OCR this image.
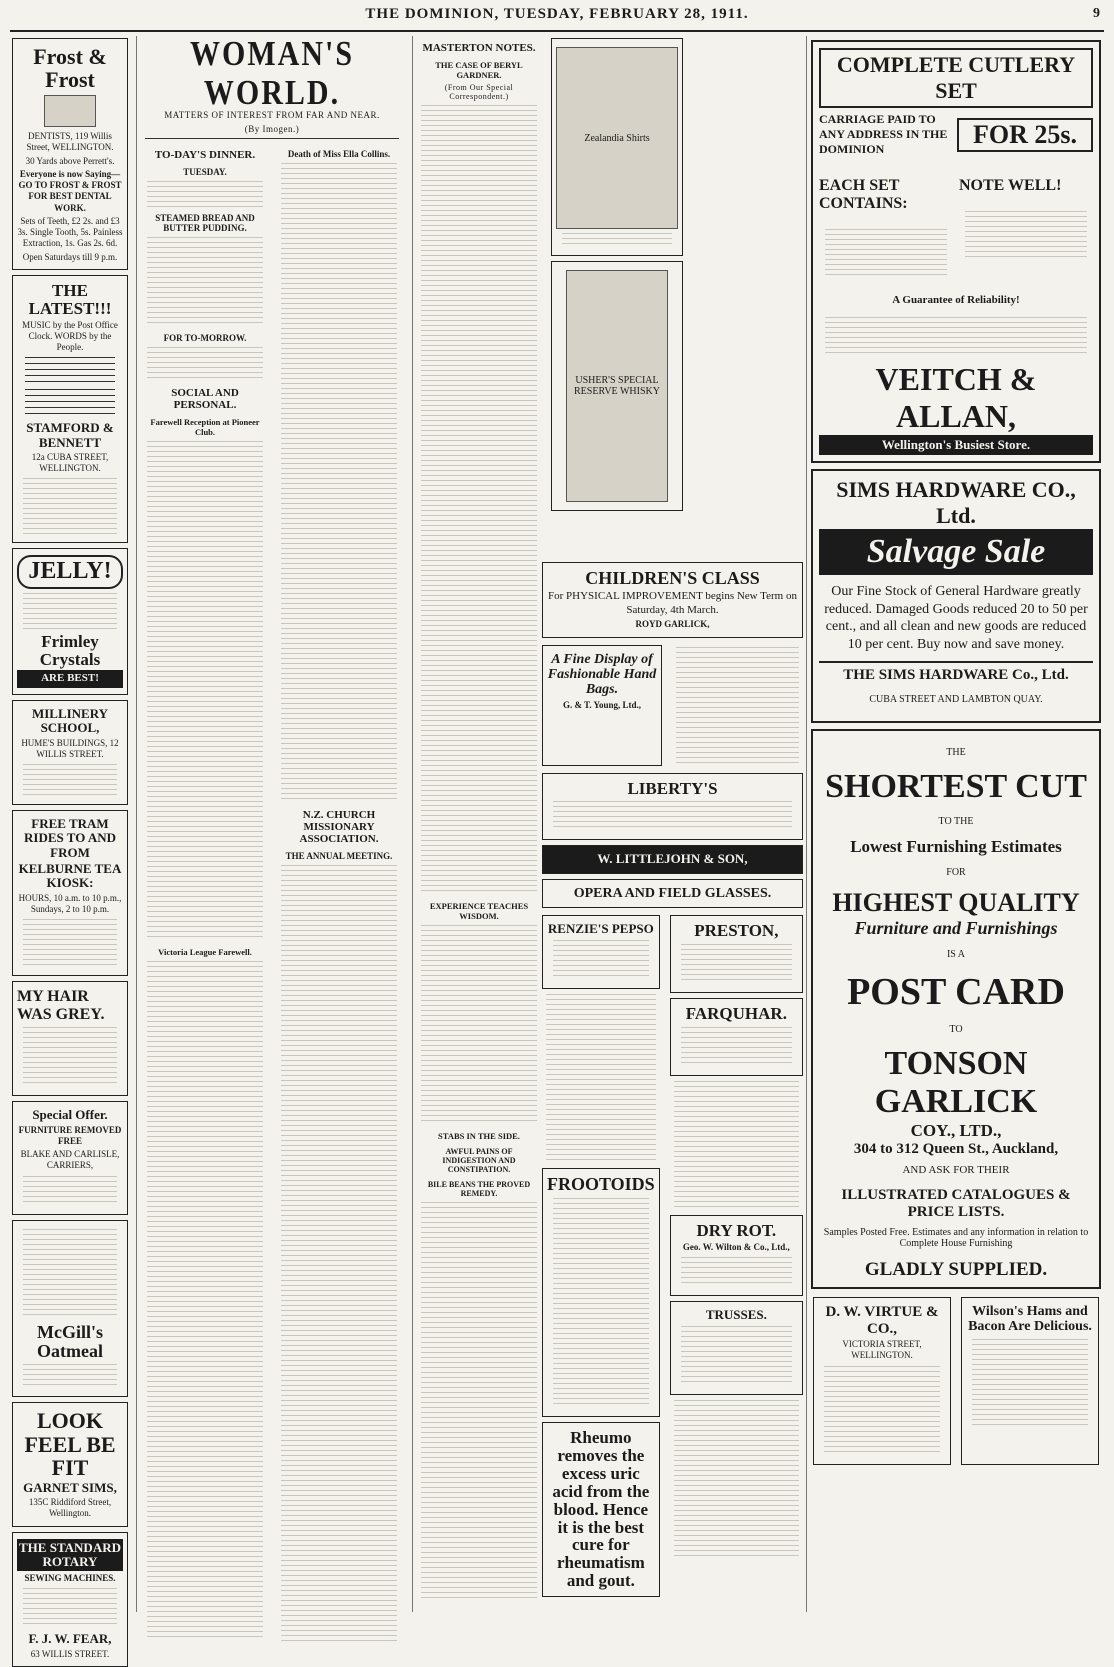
THE DOMINION, TUESDAY, FEBRUARY 28, 1911.	9
Frost & Frost

DENTISTS, 119 Willis Street, WELLINGTON.

30 Yards above Perrett's.

Everyone is now Saying— GO TO FROST & FROST FOR BEST DENTAL WORK.

Sets of Teeth, £2 2s. and £3 3s. Single Tooth, 5s. Painless Extraction, 1s. Gas 2s. 6d.

Open Saturdays till 9 p.m.

THE LATEST!!!

MUSIC by the Post Office Clock. WORDS by the People.

STAMFORD & BENNETT

12a CUBA STREET, WELLINGTON.

JELLY!
Frimley Crystals

ARE BEST!

MILLINERY SCHOOL,

HUME'S BUILDINGS, 12 WILLIS STREET.

FREE TRAM RIDES TO AND FROM
KELBURNE TEA KIOSK:

HOURS, 10 a.m. to 10 p.m., Sundays, 2 to 10 p.m.

MY HAIR WAS GREY.
Special Offer.

FURNITURE REMOVED FREE

BLAKE AND CARLISLE, CARRIERS,

McGill's Oatmeal
LOOK FEEL BE FIT
GARNET SIMS,

135C Riddiford Street, Wellington.

THE STANDARD ROTARY

SEWING MACHINES.

F. J. W. FEAR,

63 WILLIS STREET.

WOMAN'S WORLD.
MATTERS OF INTEREST FROM FAR AND NEAR.
(By Imogen.)
TO-DAY'S DINNER.
TUESDAY.
STEAMED BREAD AND BUTTER PUDDING.
FOR TO-MORROW.
SOCIAL AND PERSONAL.
Farewell Reception at Pioneer Club.
Victoria League Farewell.
Death of Miss Ella Collins.
N.Z. CHURCH MISSIONARY ASSOCIATION.
THE ANNUAL MEETING.
MASTERTON NOTES.
THE CASE OF BERYL GARDNER.
(From Our Special Correspondent.)
EXPERIENCE TEACHES WISDOM.
STABS IN THE SIDE.
AWFUL PAINS OF INDIGESTION AND CONSTIPATION.
BILE BEANS THE PROVED REMEDY.
Zealandia Shirts
USHER'S SPECIAL RESERVE WHISKY
CHILDREN'S CLASS

For PHYSICAL IMPROVEMENT begins New Term on Saturday, 4th March.

ROYD GARLICK,

A Fine Display of Fashionable Hand Bags.

G. & T. Young, Ltd.,

LIBERTY'S
W. LITTLEJOHN & SON,
OPERA AND FIELD GLASSES.
RENZIE'S PEPSO
FROOTOIDS
Rheumo removes the excess uric acid from the blood. Hence it is the best cure for rheumatism and gout.
PRESTON,
FARQUHAR.
DRY ROT.

Geo. W. Wilton & Co., Ltd.,

TRUSSES.
COMPLETE CUTLERY SET
CARRIAGE PAID TO ANY ADDRESS IN THE DOMINION
FOR 25s.

EACH SET CONTAINS:

NOTE WELL!

A Guarantee of Reliability!

VEITCH & ALLAN,
Wellington's Busiest Store.
SIMS HARDWARE CO., Ltd.
Salvage Sale
Our Fine Stock of General Hardware greatly reduced. Damaged Goods reduced 20 to 50 per cent., and all clean and new goods are reduced 10 per cent. Buy now and save money.
THE SIMS HARDWARE Co., Ltd.

CUBA STREET AND LAMBTON QUAY.

THE

SHORTEST CUT

TO THE

Lowest Furnishing Estimates

FOR

HIGHEST QUALITY
Furniture and Furnishings

IS A

POST CARD

TO

TONSON GARLICK
COY., LTD.,
304 to 312 Queen St., Auckland,

AND ASK FOR THEIR

ILLUSTRATED CATALOGUES & PRICE LISTS.

Samples Posted Free. Estimates and any information in relation to Complete House Furnishing

GLADLY SUPPLIED.
D. W. VIRTUE & CO.,

VICTORIA STREET, WELLINGTON.

Wilson's Hams and Bacon Are Delicious.
